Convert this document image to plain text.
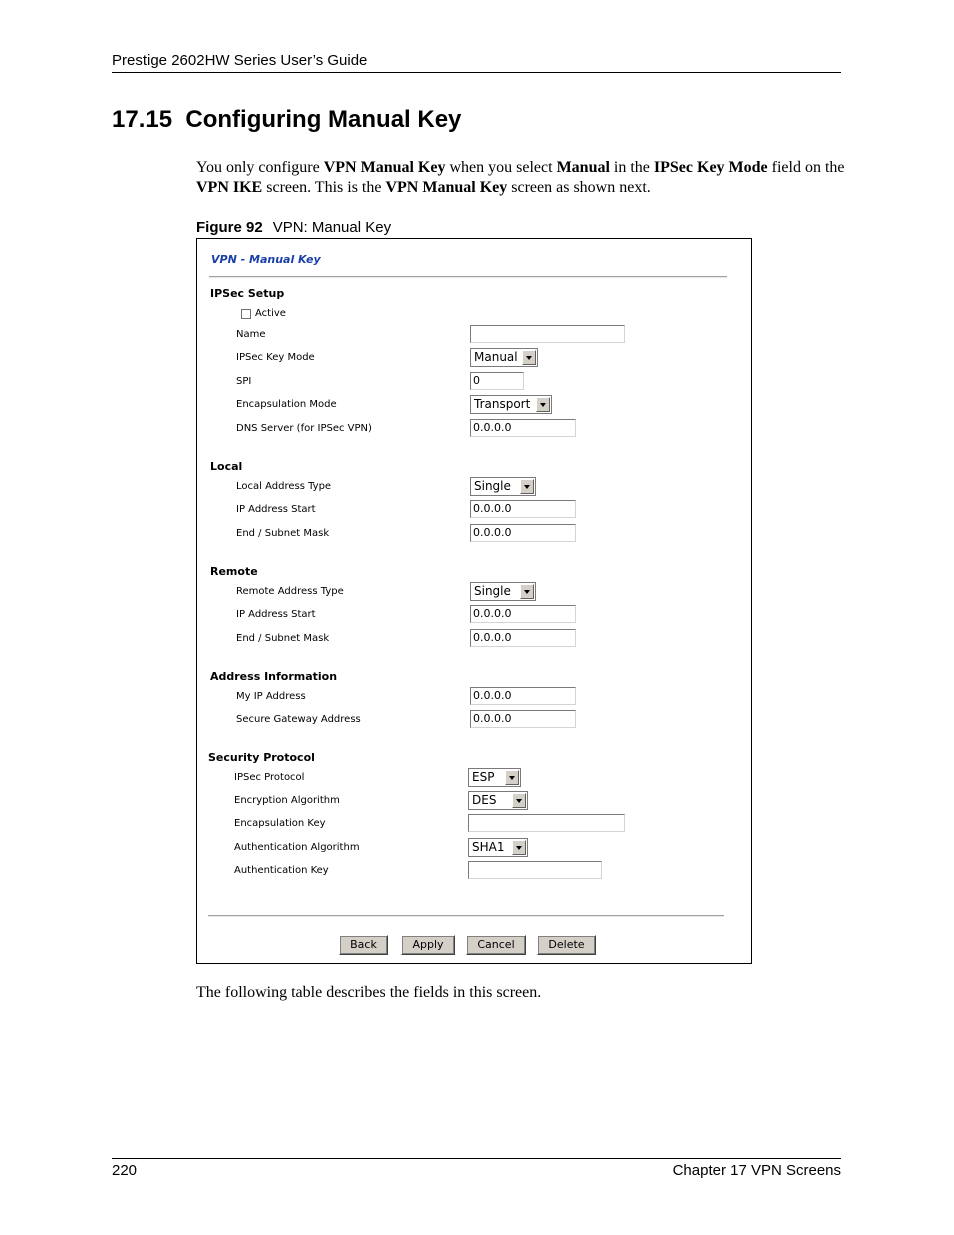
Prestige 2602HW Series User’s Guide
17.15 Configuring Manual Key
You only configure VPN Manual Key when you select Manual in the IPSec Key Mode field on the VPN IKE screen. This is the VPN Manual Key screen as shown next.
Figure 92 VPN: Manual Key
VPN - Manual Key
IPSec Setup
Active
Name
IPSec Key Mode	Manual
SPI	0
Encapsulation Mode	Transport
DNS Server (for IPSec VPN)	0.0.0.0
Local
Local Address Type	Single
IP Address Start	0.0.0.0
End / Subnet Mask	0.0.0.0
Remote
Remote Address Type	Single
IP Address Start	0.0.0.0
End / Subnet Mask	0.0.0.0
Address Information
My IP Address	0.0.0.0
Secure Gateway Address	0.0.0.0
Security Protocol
IPSec Protocol	ESP
Encryption Algorithm	DES
Encapsulation Key
Authentication Algorithm	SHA1
Authentication Key
Back	Apply	Cancel	Delete
The following table describes the fields in this screen.
220	Chapter 17 VPN Screens
